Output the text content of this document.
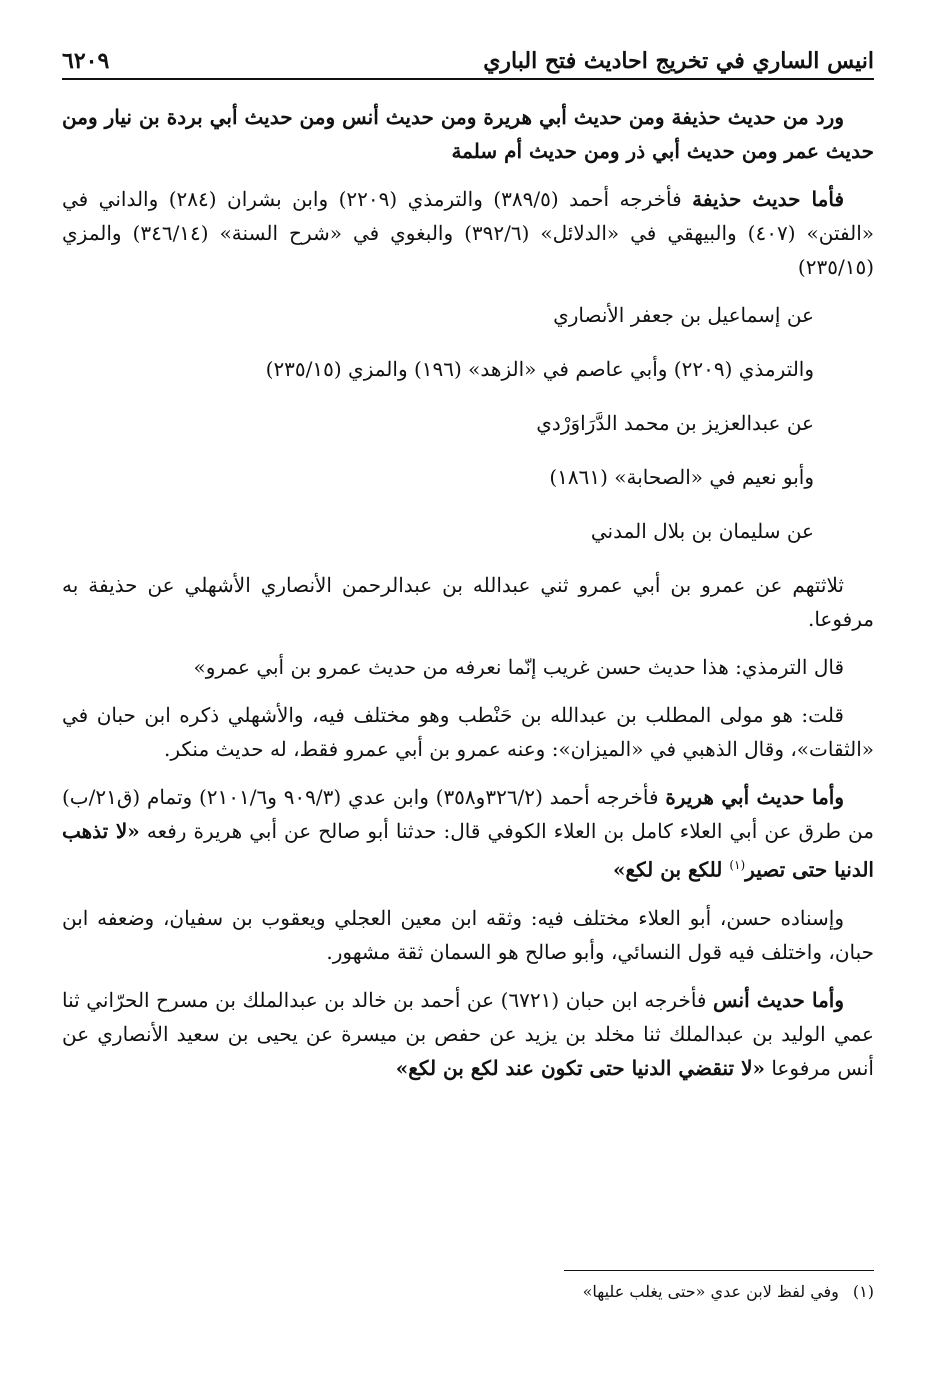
انيس الساري في تخريج احاديث فتح الباري
٦٢٠٩

ورد من حديث حذيفة ومن حديث أبي هريرة ومن حديث أنس ومن حديث أبي بردة بن نيار ومن حديث عمر ومن حديث أبي ذر ومن حديث أم سلمة

فأما حديث حذيفة فأخرجه أحمد (٣٨٩/٥) والترمذي (٢٢٠٩) وابن بشران (٢٨٤) والداني في «الفتن» (٤٠٧) والبيهقي في «الدلائل» (٣٩٢/٦) والبغوي في «شرح السنة» (٣٤٦/١٤) والمزي (٢٣٥/١٥)

عن إسماعيل بن جعفر الأنصاري

والترمذي (٢٢٠٩) وأبي عاصم في «الزهد» (١٩٦) والمزي (٢٣٥/١٥)

عن عبدالعزيز بن محمد الدَّرَاوَرْدي

وأبو نعيم في «الصحابة» (١٨٦١)

عن سليمان بن بلال المدني

ثلاثتهم عن عمرو بن أبي عمرو ثني عبدالله بن عبدالرحمن الأنصاري الأشهلي عن حذيفة به مرفوعا.

قال الترمذي: هذا حديث حسن غريب إنّما نعرفه من حديث عمرو بن أبي عمرو»

قلت: هو مولى المطلب بن عبدالله بن حَنْطب وهو مختلف فيه، والأشهلي ذكره ابن حبان في «الثقات»، وقال الذهبي في «الميزان»: وعنه عمرو بن أبي عمرو فقط، له حديث منكر.

وأما حديث أبي هريرة فأخرجه أحمد (٣٢٦/٢و٣٥٨) وابن عدي (٩٠٩/٣ و٢١٠١/٦) وتمام (ق٢١/ب) من طرق عن أبي العلاء كامل بن العلاء الكوفي قال: حدثنا أبو صالح عن أبي هريرة رفعه «لا تذهب الدنيا حتى تصير$^{(١)}$ للكع بن لكع»

وإسناده حسن، أبو العلاء مختلف فيه: وثقه ابن معين العجلي ويعقوب بن سفيان، وضعفه ابن حبان، واختلف فيه قول النسائي، وأبو صالح هو السمان ثقة مشهور.

وأما حديث أنس فأخرجه ابن حبان (٦٧٢١) عن أحمد بن خالد بن عبدالملك بن مسرح الحرّاني ثنا عمي الوليد بن عبدالملك ثنا مخلد بن يزيد عن حفص بن ميسرة عن يحيى بن سعيد الأنصاري عن أنس مرفوعا «لا تنقضي الدنيا حتى تكون عند لكع بن لكع»

(١)وفي لفظ لابن عدي «حتى يغلب عليها»
